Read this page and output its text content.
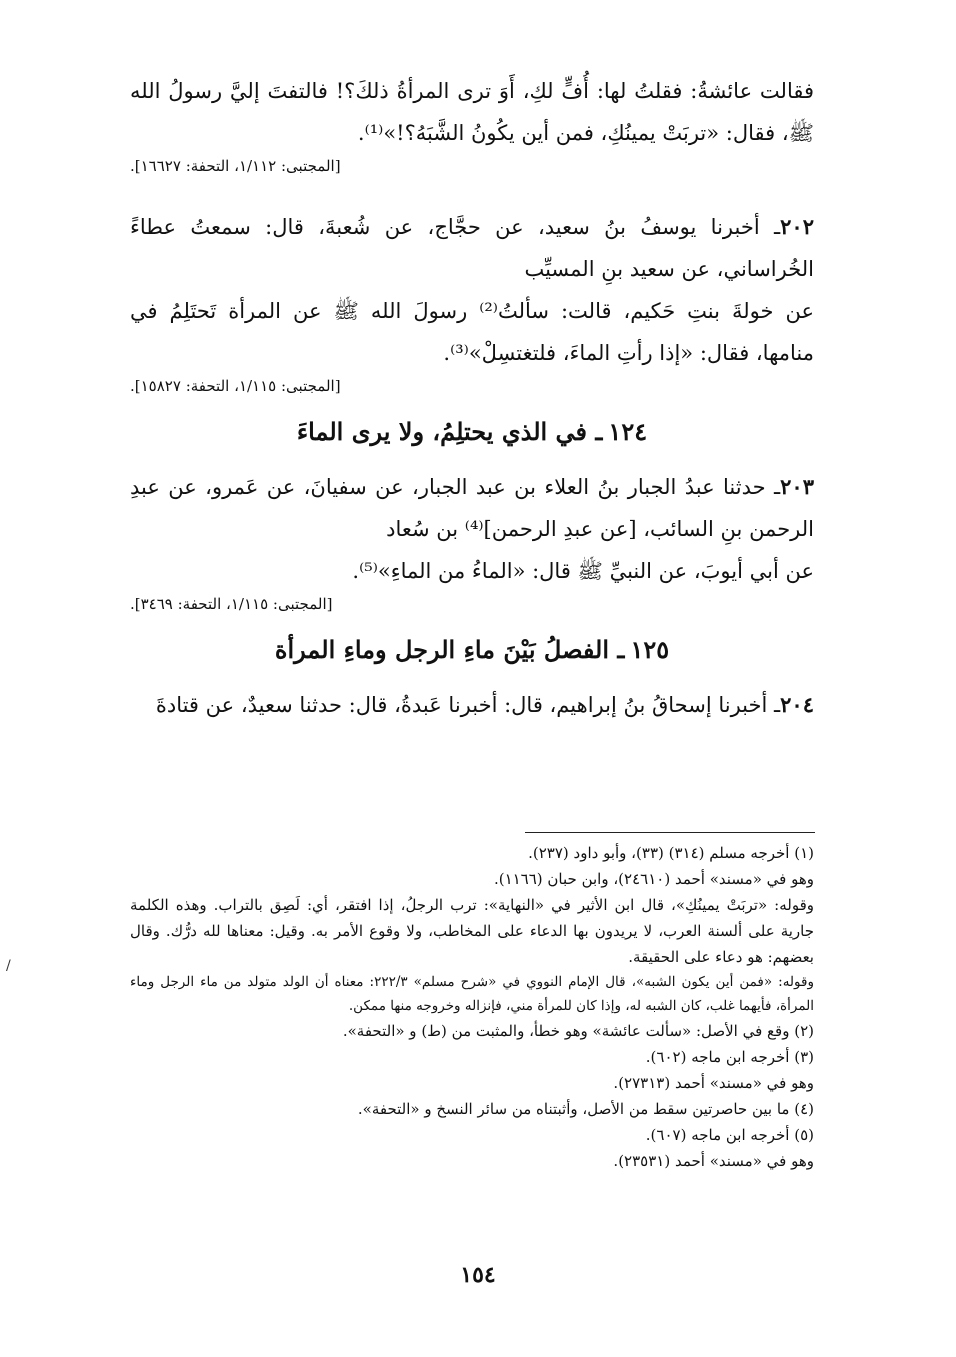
فقالت عائشةُ: فقلتُ لها: أُفٍّ لكِ، أَوَ ترى المرأةُ ذلكَ؟! فالتفتَ إليَّ رسولُ الله ﷺ، فقال: «تربَتْ يمينُكِ، فمن أين يكُونُ الشَّبَهُ؟!»⁽¹⁾.

[المجتبى: ١/١١٢، التحفة: ١٦٦٢٧].

٢٠٢ـ أخبرنا يوسفُ بنُ سعيد، عن حجَّاج، عن شُعبةَ، قال: سمعتُ عطاءً الخُراساني، عن سعيد بنِ المسيِّب

عن خولةَ بنتِ حَكيم، قالت: سألتُ⁽²⁾ رسولَ الله ﷺ عن المرأة تَحتَلِمُ في منامها، فقال: «إذا رأتِ الماءَ، فلتغتسِلْ»⁽³⁾.

[المجتبى: ١/١١٥، التحفة: ١٥٨٢٧].

١٢٤ـ في الذي يحتلِمُ، ولا يرى الماءَ

٢٠٣ـ حدثنا عبدُ الجبار بنُ العلاء بن عبد الجبار، عن سفيانَ، عن عَمرو، عن عبدِ الرحمن بنِ السائب، [عن عبدِ الرحمن]⁽⁴⁾ بن سُعاد

عن أبي أيوبَ، عن النبيِّ ﷺ قال: «الماءُ من الماءِ»⁽⁵⁾.

[المجتبى: ١/١١٥، التحفة: ٣٤٦٩].

١٢٥ـ الفصلُ بَيْنَ ماءِ الرجل وماءِ المرأة

٢٠٤ـ أخبرنا إسحاقُ بنُ إبراهيم، قال: أخبرنا عَبدةُ، قال: حدثنا سعيدٌ، عن قتادةَ

(١) أخرجه مسلم (٣١٤) (٣٣)، وأبو داود (٢٣٧).

وهو في «مسند» أحمد (٢٤٦١٠)، وابن حبان (١١٦٦).

وقوله: «تربَتْ يمينُكِ»، قال ابن الأثير في «النهاية»: ترب الرجلُ، إذا افتقر، أي: لَصِق بالتراب. وهذه الكلمة جارية على ألسنة العرب، لا يريدون بها الدعاء على المخاطب، ولا وقوع الأمر به. وقيل: معناها لله درُّك. وقال بعضهم: هو دعاء على الحقيقة.

وقوله: «فمن أين يكون الشبه»، قال الإمام النووي في «شرح مسلم» ٢٢٢/٣: معناه أن الولد متولد من ماء الرجل وماء المرأة، فأيهما غلب، كان الشبه له، وإذا كان للمرأة مني، فإنزاله وخروجه منها ممكن.

(٢) وقع في الأصل: «سألت عائشة» وهو خطأ، والمثبت من (ط) و «التحفة».

(٣) أخرجه ابن ماجه (٦٠٢).

وهو في «مسند» أحمد (٢٧٣١٣).

(٤) ما بين حاصرتين سقط من الأصل، وأثبتناه من سائر النسخ و «التحفة».

(٥) أخرجه ابن ماجه (٦٠٧).

وهو في «مسند» أحمد (٢٣٥٣١).

/
١٥٤
